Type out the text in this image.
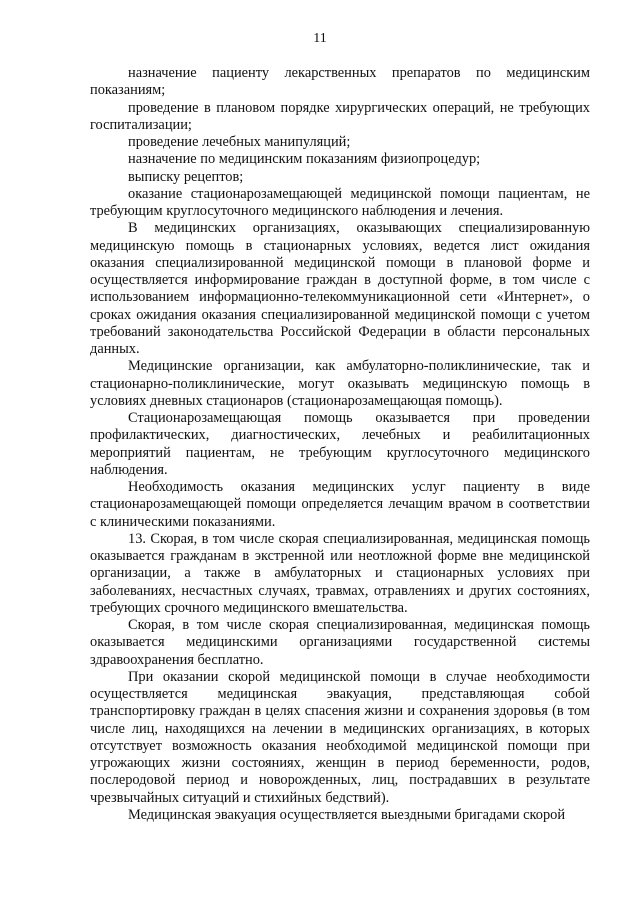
11

назначение пациенту лекарственных препаратов по медицинским показаниям;

проведение в плановом порядке хирургических операций, не требующих госпитализации;

проведение лечебных манипуляций;

назначение по медицинским показаниям физиопроцедур;

выписку рецептов;

оказание стационарозамещающей медицинской помощи пациентам, не требующим круглосуточного медицинского наблюдения и лечения.

В медицинских организациях, оказывающих специализированную медицинскую помощь в стационарных условиях, ведется лист ожидания оказания специализированной медицинской помощи в плановой форме и осуществляется информирование граждан в доступной форме, в том числе с использованием информационно-телекоммуникационной сети «Интернет», о сроках ожидания оказания специализированной медицинской помощи с учетом требований законодательства Российской Федерации в области персональных данных.

Медицинские организации, как амбулаторно-поликлинические, так и стационарно-поликлинические, могут оказывать медицинскую помощь в условиях дневных стационаров (стационарозамещающая помощь).

Стационарозамещающая помощь оказывается при проведении профилактических, диагностических, лечебных и реабилитационных мероприятий пациентам, не требующим круглосуточного медицинского наблюдения.

Необходимость оказания медицинских услуг пациенту в виде стационарозамещающей помощи определяется лечащим врачом в соответствии с клиническими показаниями.

13. Скорая, в том числе скорая специализированная, медицинская помощь оказывается гражданам в экстренной или неотложной форме вне медицинской организации, а также в амбулаторных и стационарных условиях при заболеваниях, несчастных случаях, травмах, отравлениях и других состояниях, требующих срочного медицинского вмешательства.

Скорая, в том числе скорая специализированная, медицинская помощь оказывается медицинскими организациями государственной системы здравоохранения бесплатно.

При оказании скорой медицинской помощи в случае необходимости осуществляется медицинская эвакуация, представляющая собой транспортировку граждан в целях спасения жизни и сохранения здоровья (в том числе лиц, находящихся на лечении в медицинских организациях, в которых отсутствует возможность оказания необходимой медицинской помощи при угрожающих жизни состояниях, женщин в период беременности, родов, послеродовой период и новорожденных, лиц, пострадавших в результате чрезвычайных ситуаций и стихийных бедствий).

Медицинская эвакуация осуществляется выездными бригадами скорой
